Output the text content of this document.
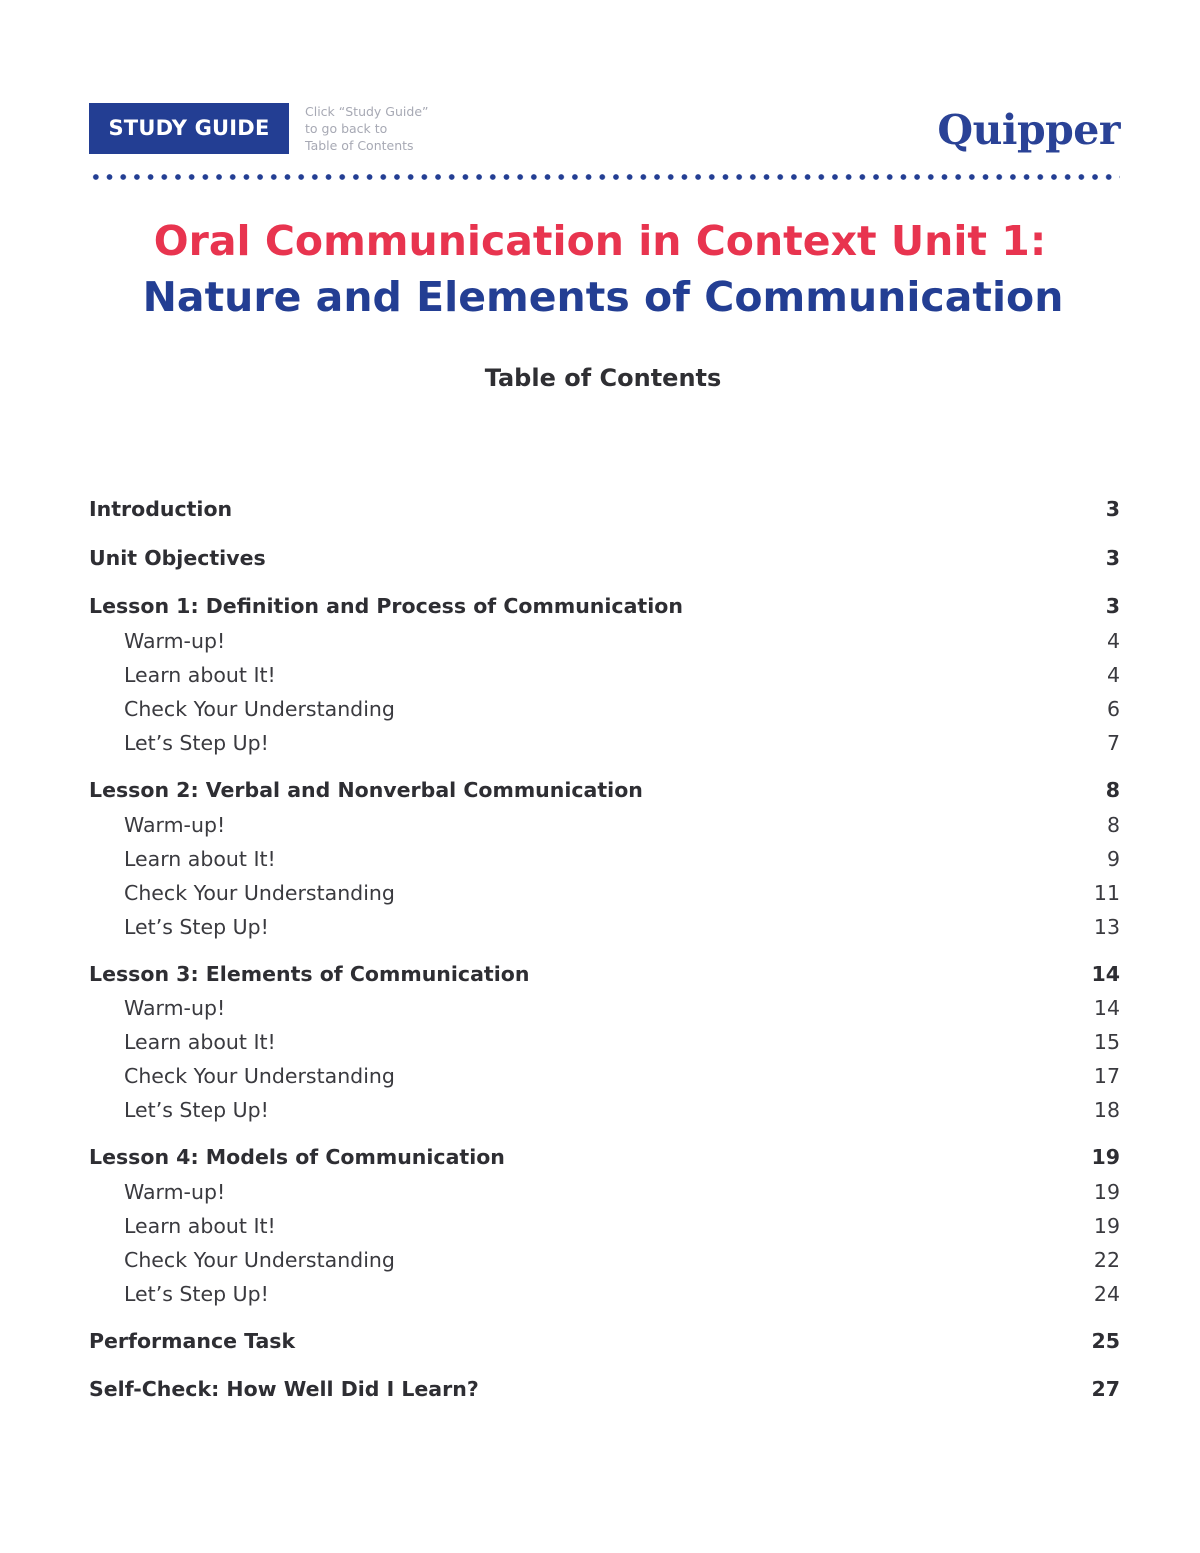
STUDY GUIDE
Click “Study Guide”
to go back to
Table of Contents	Quipper
Oral Communication in Context Unit 1:
Nature and Elements of Communication
Table of Contents
Introduction	3
Unit Objectives	3
Lesson 1: Definition and Process of Communication	3
Warm-up!	4
Learn about It!	4
Check Your Understanding	6
Let’s Step Up!	7
Lesson 2: Verbal and Nonverbal Communication	8
Warm-up!	8
Learn about It!	9
Check Your Understanding	11
Let’s Step Up!	13
Lesson 3: Elements of Communication	14
Warm-up!	14
Learn about It!	15
Check Your Understanding	17
Let’s Step Up!	18
Lesson 4: Models of Communication	19
Warm-up!	19
Learn about It!	19
Check Your Understanding	22
Let’s Step Up!	24
Performance Task	25
Self-Check: How Well Did I Learn?	27
